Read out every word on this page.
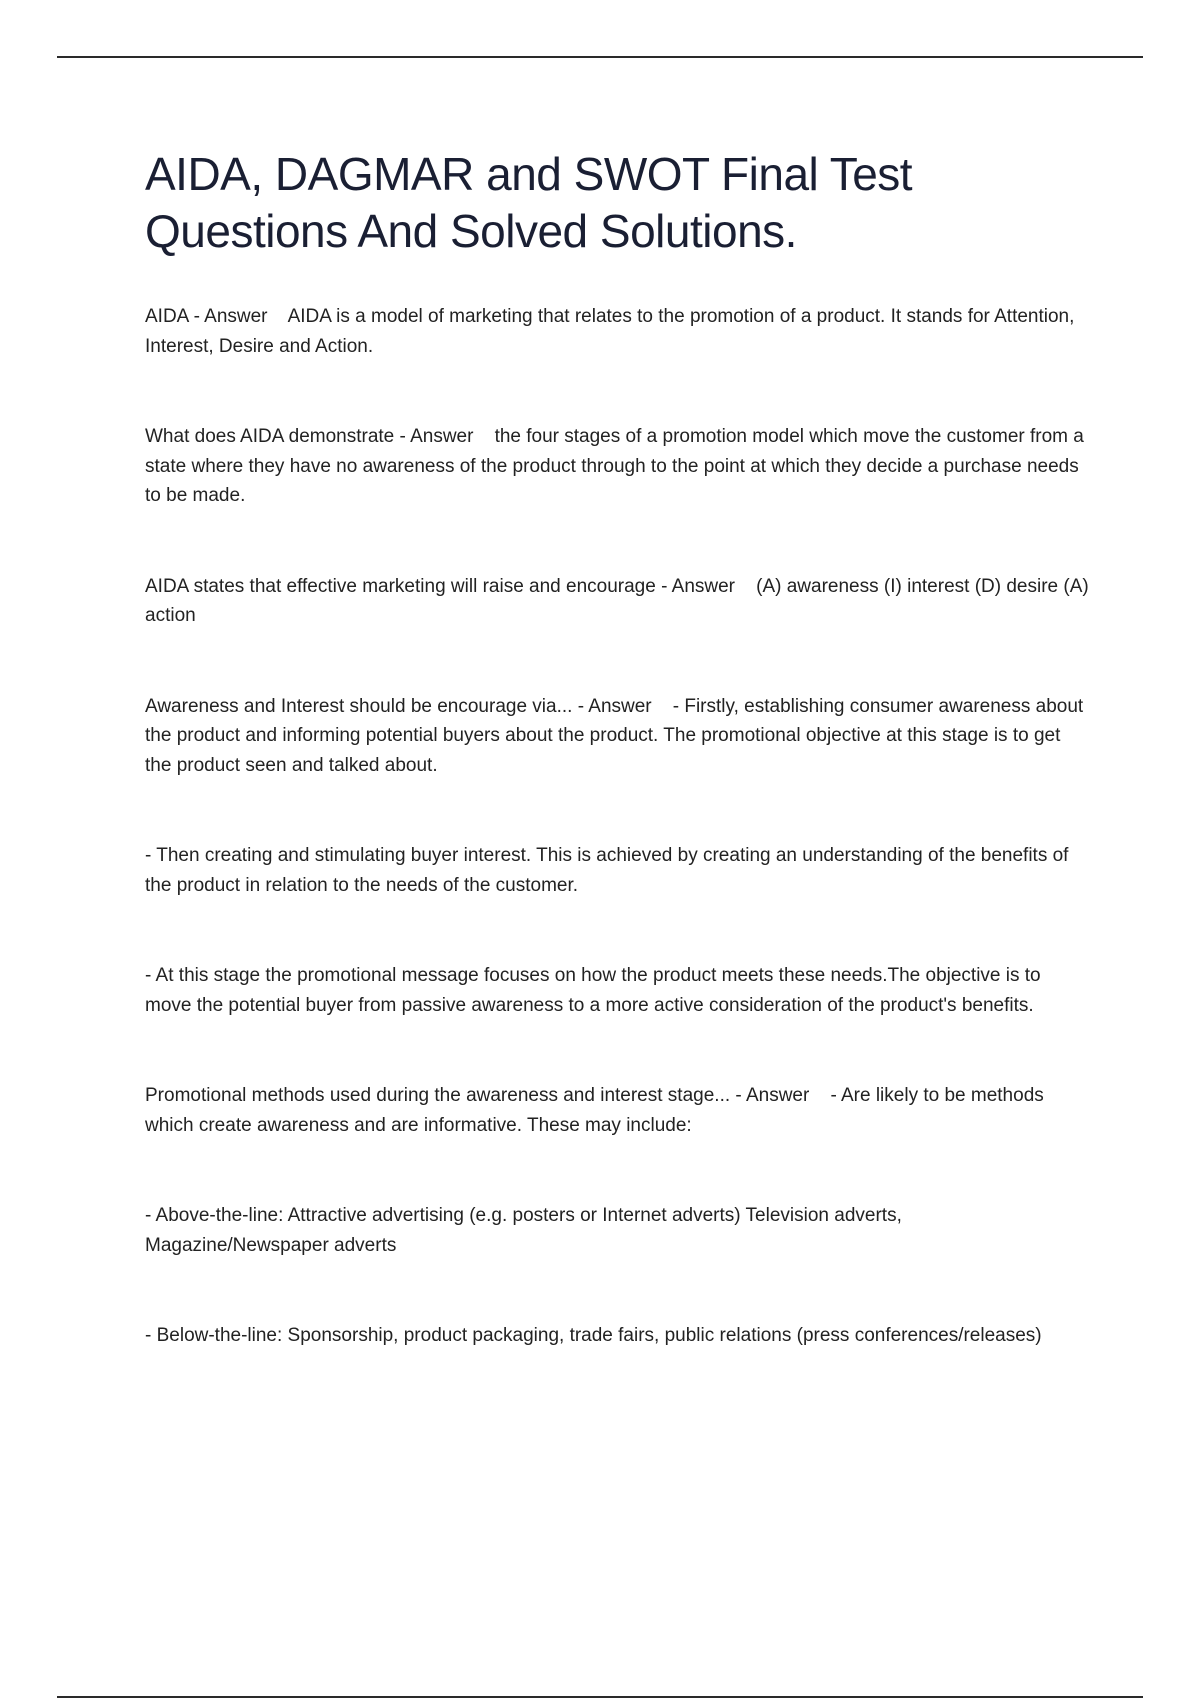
AIDA, DAGMAR and SWOT Final Test Questions And Solved Solutions.

AIDA - Answer    AIDA is a model of marketing that relates to the promotion of a product. It stands for Attention, Interest, Desire and Action.

What does AIDA demonstrate - Answer    the four stages of a promotion model which move the customer from a state where they have no awareness of the product through to the point at which they decide a purchase needs to be made.

AIDA states that effective marketing will raise and encourage - Answer    (A) awareness (I) interest (D) desire (A) action

Awareness and Interest should be encourage via... - Answer    - Firstly, establishing consumer awareness about the product and informing potential buyers about the product. The promotional objective at this stage is to get the product seen and talked about.

- Then creating and stimulating buyer interest. This is achieved by creating an understanding of the benefits of the product in relation to the needs of the customer.

- At this stage the promotional message focuses on how the product meets these needs.The objective is to move the potential buyer from passive awareness to a more active consideration of the product's benefits.

Promotional methods used during the awareness and interest stage... - Answer    - Are likely to be methods which create awareness and are informative. These may include:

- Above-the-line: Attractive advertising (e.g. posters or Internet adverts) Television adverts, Magazine/Newspaper adverts

- Below-the-line: Sponsorship, product packaging, trade fairs, public relations (press conferences/releases)
